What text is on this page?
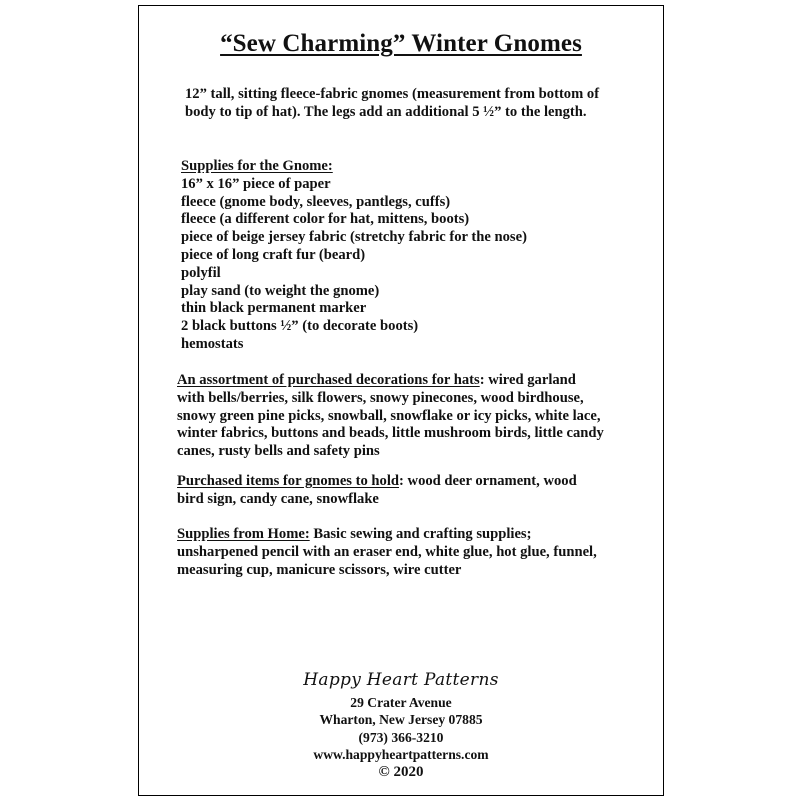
“Sew Charming” Winter Gnomes
12” tall, sitting fleece-fabric gnomes (measurement from bottom of
body to tip of hat). The legs add an additional 5 ½” to the length.
Supplies for the Gnome:
16” x 16” piece of paper
fleece (gnome body, sleeves, pantlegs, cuffs)
fleece (a different color for hat, mittens, boots)
piece of beige jersey fabric (stretchy fabric for the nose)
piece of long craft fur (beard)
polyfil
play sand (to weight the gnome)
thin black permanent marker
2 black buttons ½” (to decorate boots)
hemostats
An assortment of purchased decorations for hats: wired garland
with bells/berries, silk flowers, snowy pinecones, wood birdhouse,
snowy green pine picks, snowball, snowflake or icy picks, white lace,
winter fabrics, buttons and beads, little mushroom birds, little candy
canes, rusty bells and safety pins
Purchased items for gnomes to hold: wood deer ornament, wood
bird sign, candy cane, snowflake
Supplies from Home: Basic sewing and crafting supplies;
unsharpened pencil with an eraser end, white glue, hot glue, funnel,
measuring cup, manicure scissors, wire cutter
Happy Heart Patterns
29 Crater Avenue
Wharton, New Jersey 07885
(973) 366-3210
www.happyheartpatterns.com
© 2020
